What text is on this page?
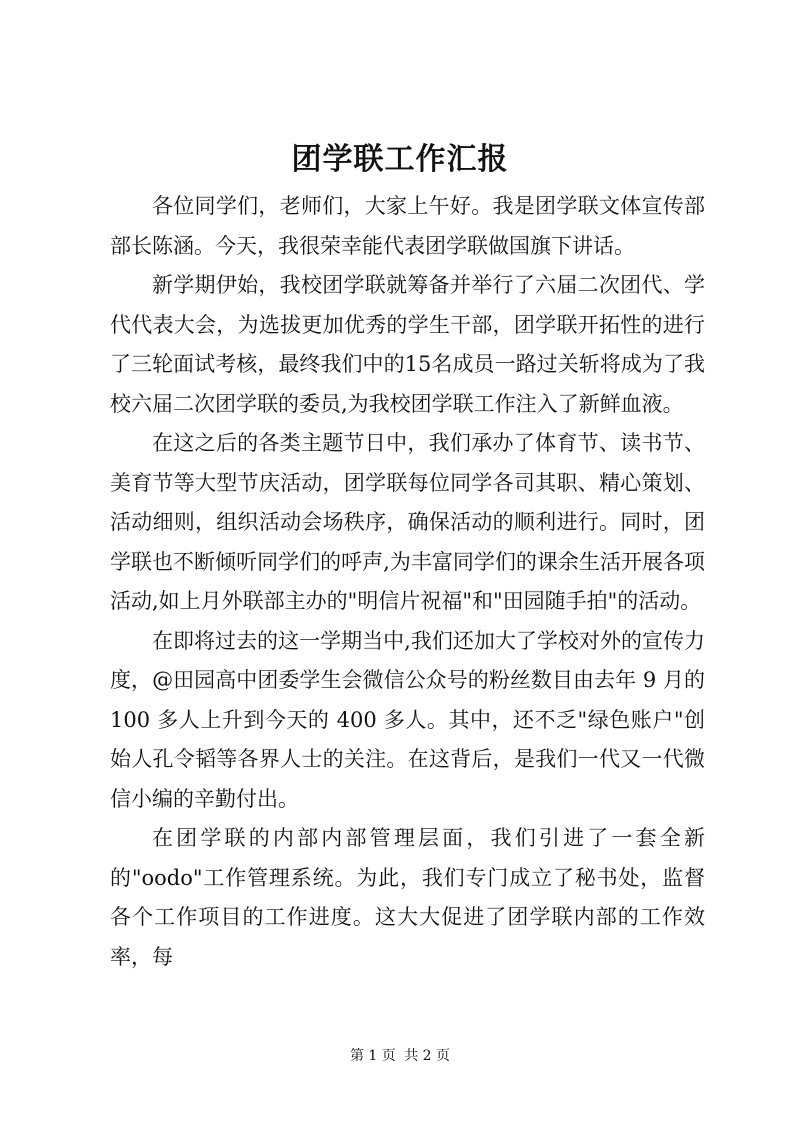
团学联工作汇报

各位同学们，老师们，大家上午好。我是团学联文体宣传部部长陈涵。今天，我很荣幸能代表团学联做国旗下讲话。

新学期伊始，我校团学联就筹备并举行了六届二次团代、学代代表大会，为选拔更加优秀的学生干部，团学联开拓性的进行了三轮面试考核，最终我们中的15名成员一路过关斩将成为了我校六届二次团学联的委员,为我校团学联工作注入了新鲜血液。

在这之后的各类主题节日中，我们承办了体育节、读书节、美育节等大型节庆活动，团学联每位同学各司其职、精心策划、活动细则，组织活动会场秩序，确保活动的顺利进行。同时，团学联也不断倾听同学们的呼声,为丰富同学们的课余生活开展各项活动,如上月外联部主办的"明信片祝福"和"田园随手拍"的活动。

在即将过去的这一学期当中,我们还加大了学校对外的宣传力度，@田园高中团委学生会微信公众号的粉丝数目由去年 9 月的 100 多人上升到今天的 400 多人。其中，还不乏"绿色账户"创始人孔令韬等各界人士的关注。在这背后，是我们一代又一代微信小编的辛勤付出。

在团学联的内部内部管理层面，我们引进了一套全新的"oodo"工作管理系统。为此，我们专门成立了秘书处，监督各个工作项目的工作进度。这大大促进了团学联内部的工作效率，每

第 1 页 共 2 页
